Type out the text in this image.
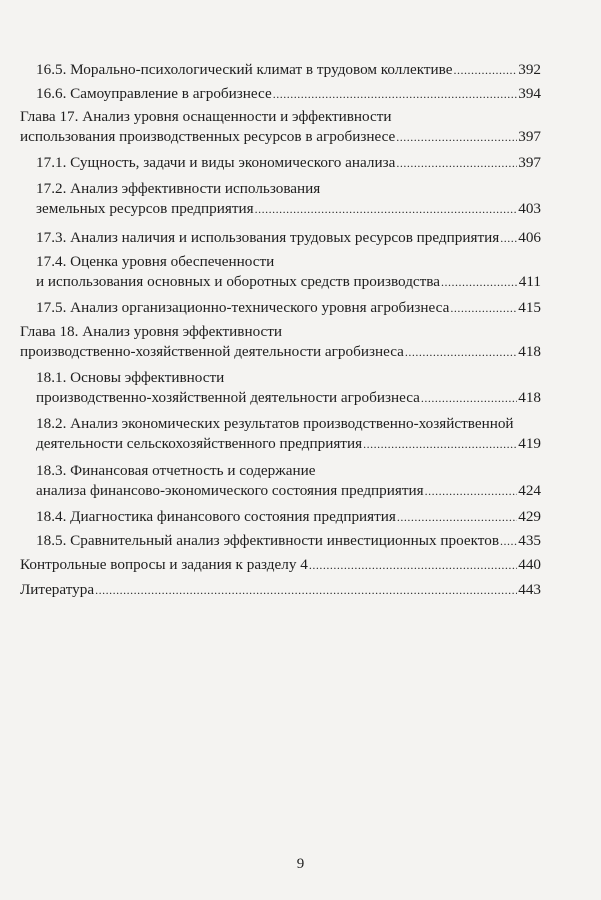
16.5. Морально-психологический климат в трудовом коллективе .....	392
16.6. Самоуправление в агробизнесе .....	394
Глава 17. Анализ уровня оснащенности и эффективности
использования производственных ресурсов в агробизнесе .....	397
17.1. Сущность, задачи и виды экономического анализа .....	397
17.2. Анализ эффективности использования
земельных ресурсов предприятия .....	403
17.3. Анализ наличия и использования трудовых ресурсов предприятия ..... 406
17.4. Оценка уровня обеспеченности
и использования основных и оборотных средств производства .....	411
17.5. Анализ организационно-технического уровня агробизнеса .....	415
Глава 18. Анализ уровня эффективности
производственно-хозяйственной деятельности агробизнеса .....	418
18.1. Основы эффективности
производственно-хозяйственной деятельности агробизнеса .....	418
18.2. Анализ экономических результатов производственно-хозяйственной
деятельности сельскохозяйственного предприятия .....	419
18.3. Финансовая отчетность и содержание
анализа финансово-экономического состояния предприятия .....	424
18.4. Диагностика финансового состояния предприятия .....	429
18.5. Сравнительный анализ эффективности инвестиционных проектов ..... 435
Контрольные вопросы и задания к разделу 4 .....	440
Литература .....	443
9
